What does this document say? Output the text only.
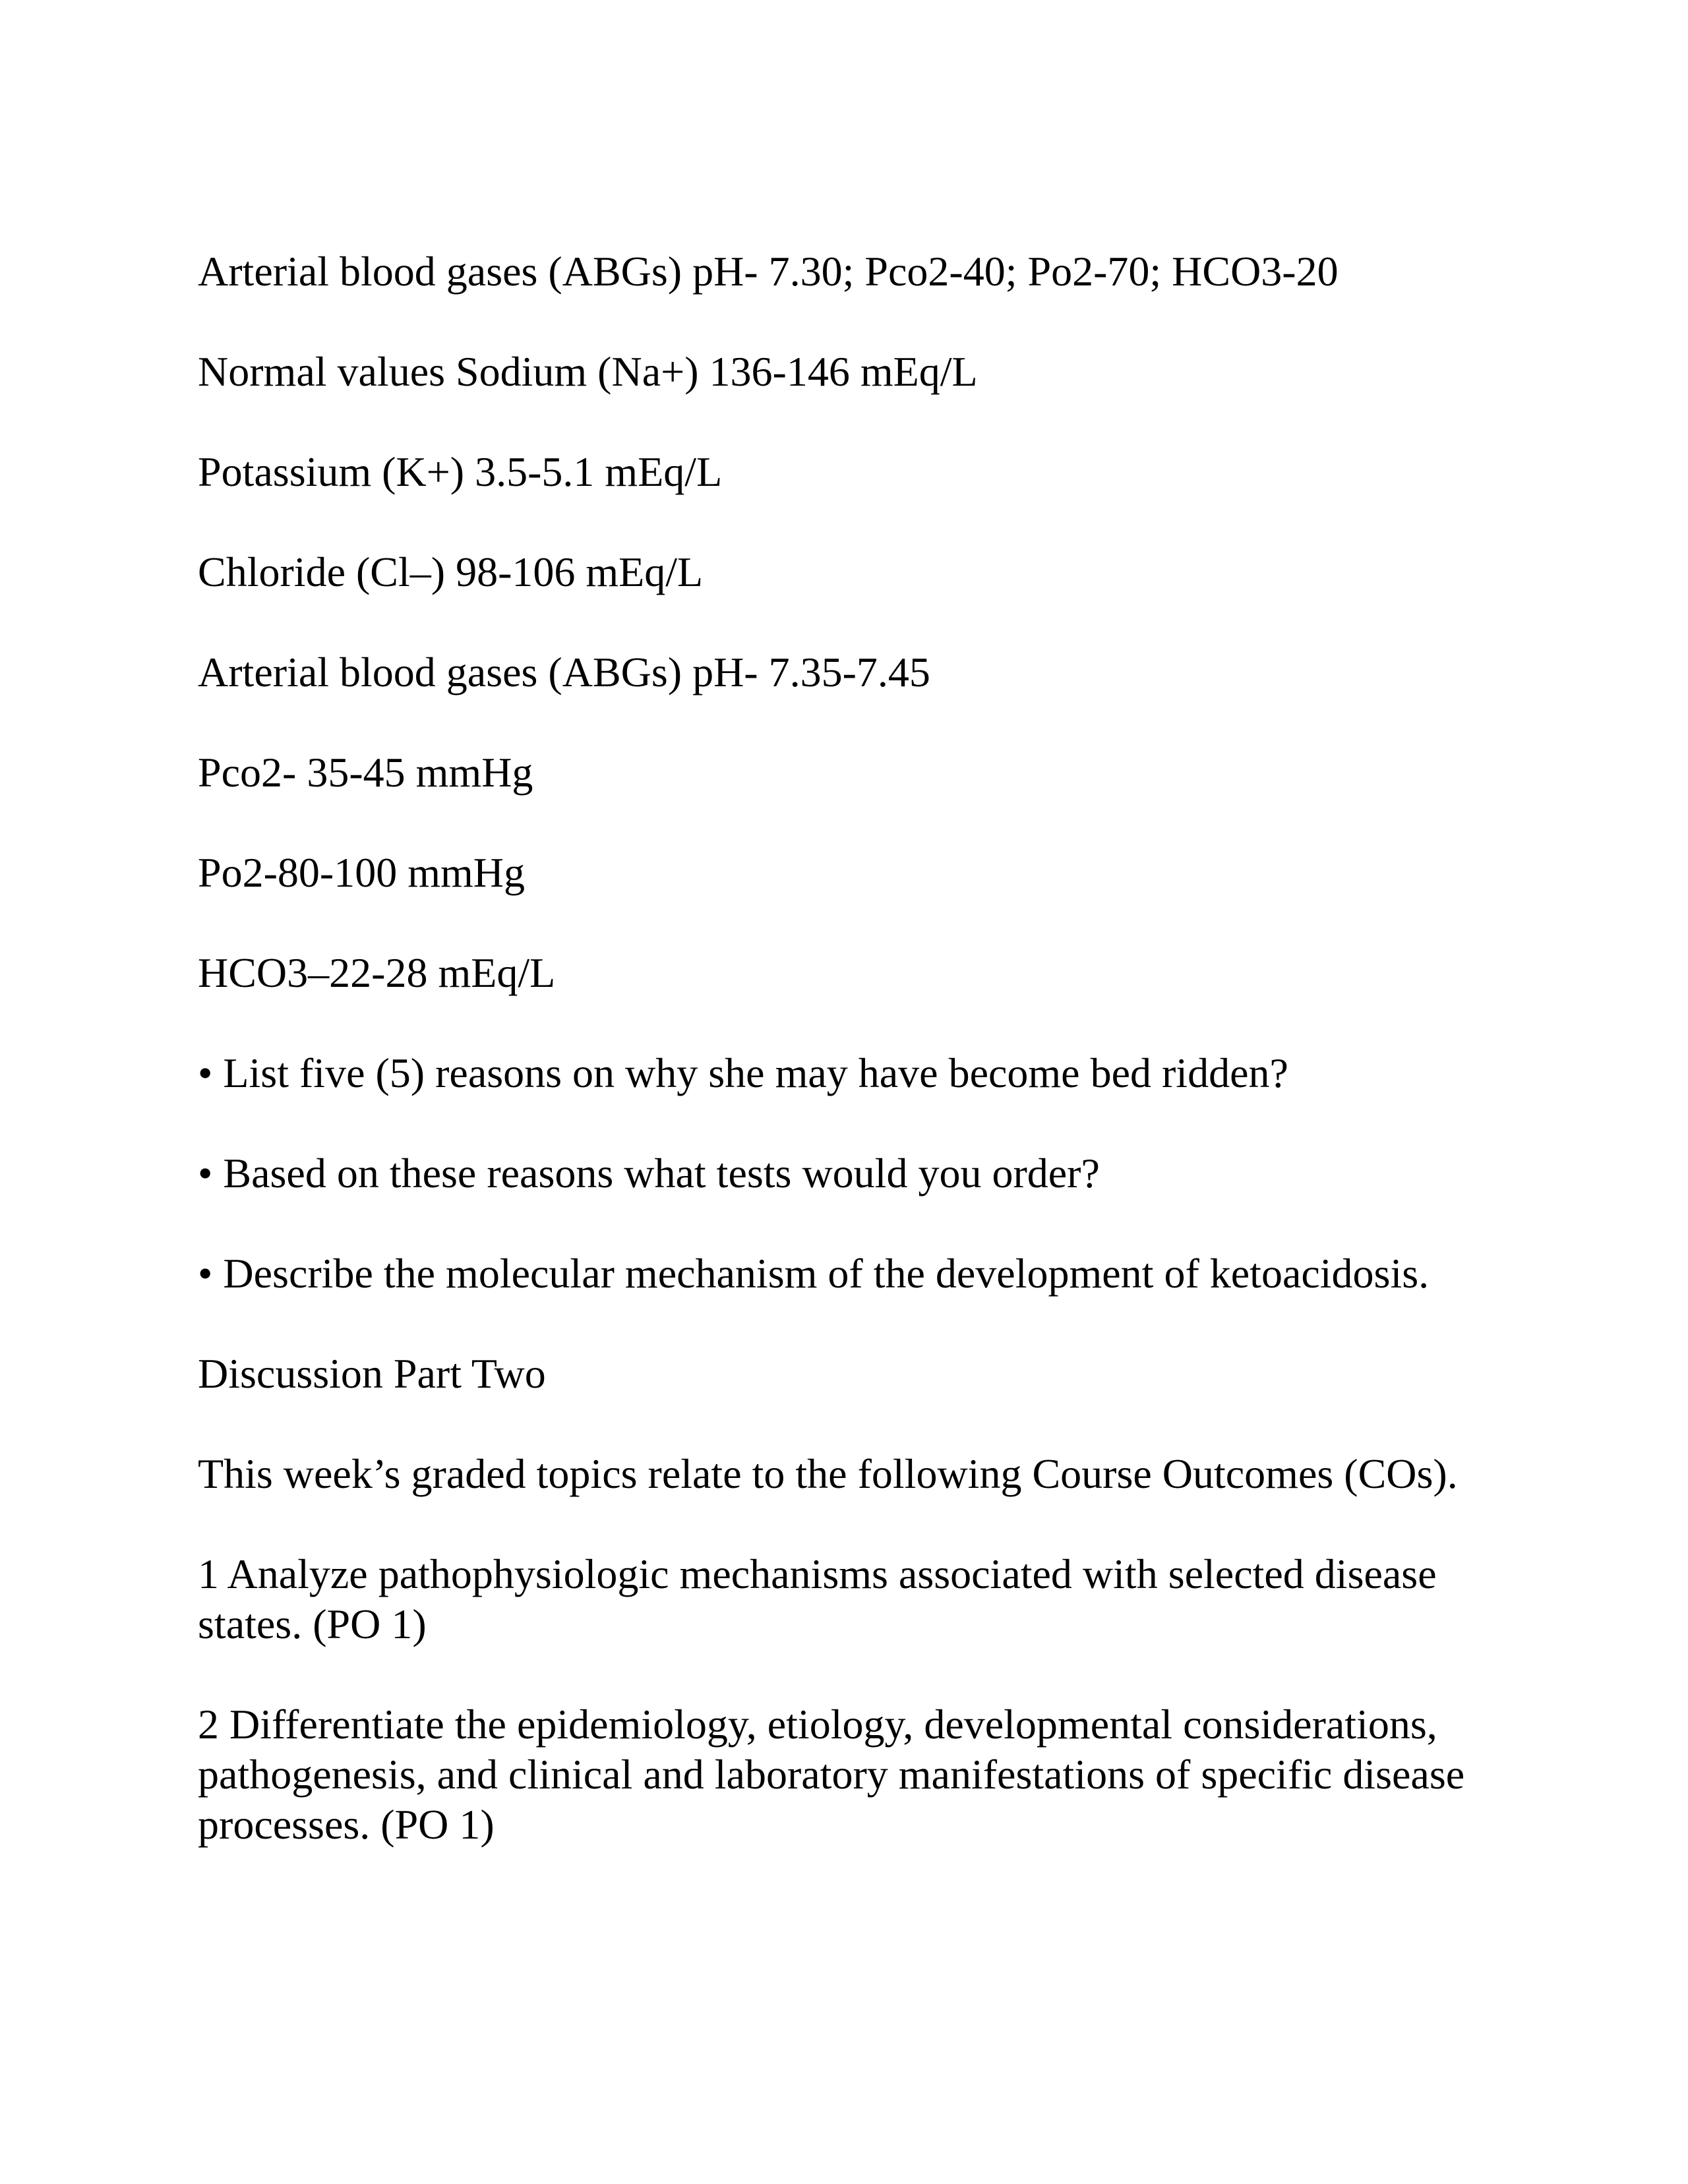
Arterial blood gases (ABGs) pH- 7.30; Pco2-40; Po2-70; HCO3-20

Normal values Sodium (Na+) 136-146 mEq/L

Potassium (K+) 3.5-5.1 mEq/L

Chloride (Cl–) 98-106 mEq/L

Arterial blood gases (ABGs) pH- 7.35-7.45

Pco2- 35-45 mmHg

Po2-80-100 mmHg

HCO3–22-28 mEq/L

• List five (5) reasons on why she may have become bed ridden?

• Based on these reasons what tests would you order?

• Describe the molecular mechanism of the development of ketoacidosis.

Discussion Part Two

This week’s graded topics relate to the following Course Outcomes (COs).

1 Analyze pathophysiologic mechanisms associated with selected disease states. (PO 1)

2 Differentiate the epidemiology, etiology, developmental considerations, pathogenesis, and clinical and laboratory manifestations of specific disease processes. (PO 1)
